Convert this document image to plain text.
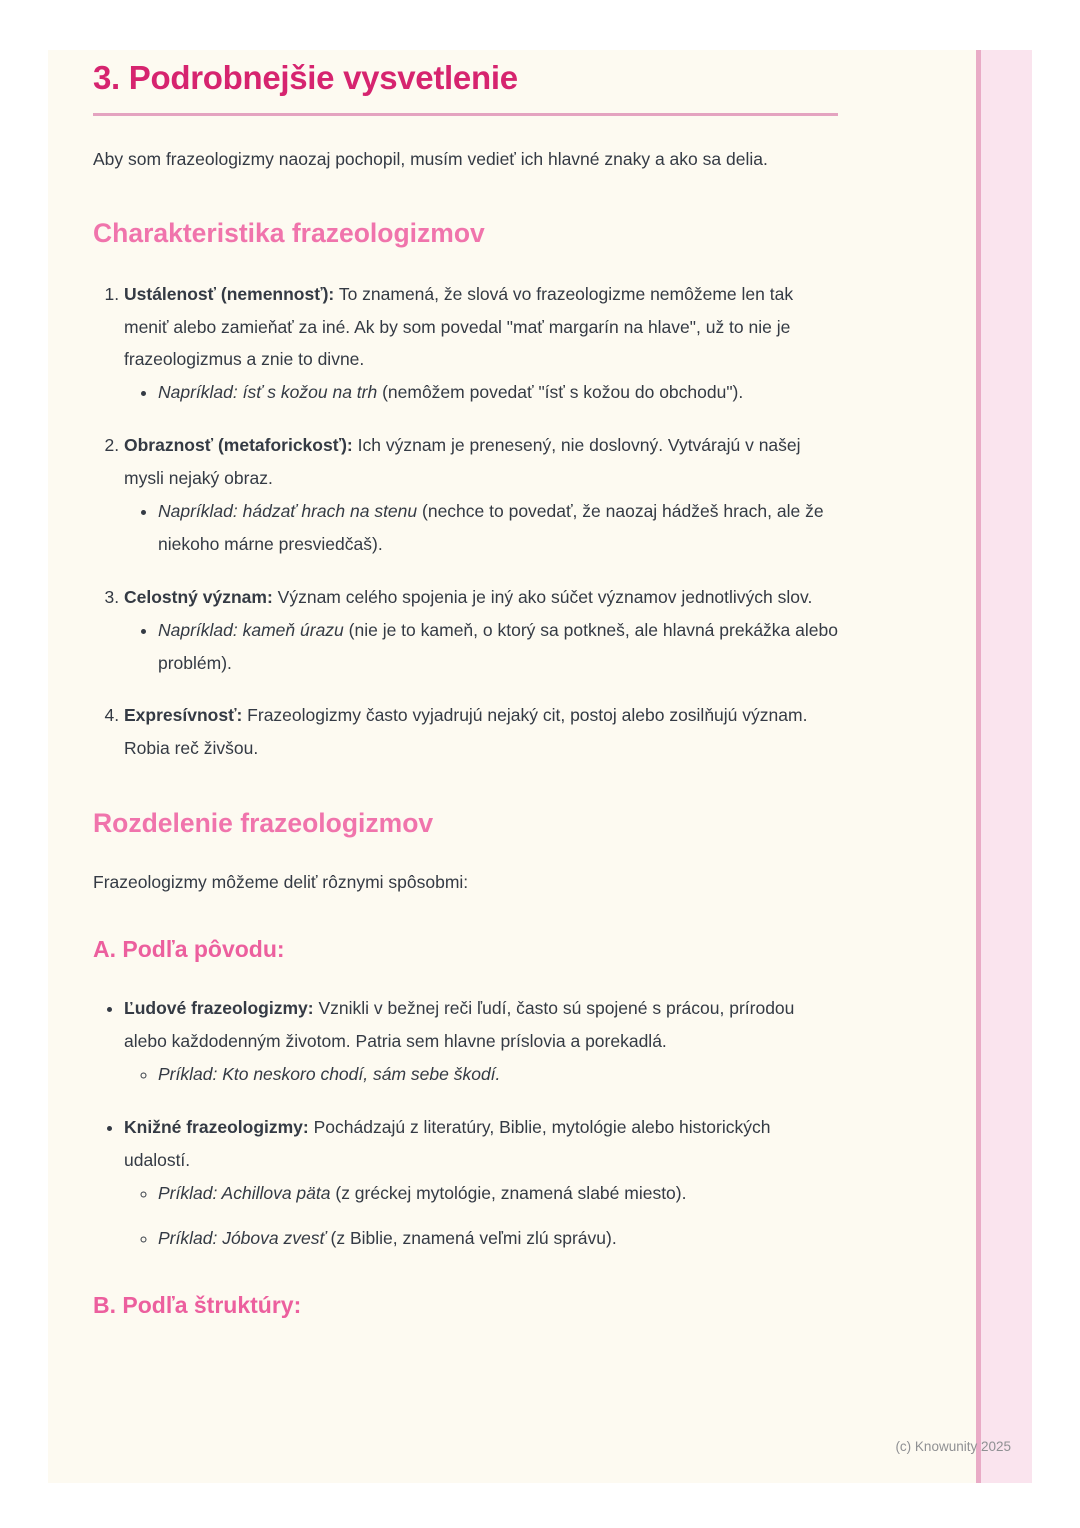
3. Podrobnejšie vysvetlenie

Aby som frazeologizmy naozaj pochopil, musím vedieť ich hlavné znaky a ako sa delia.

Charakteristika frazeologizmov
1. Ustálenosť (nemennosť): To znamená, že slová vo frazeologizme nemôžeme len tak meniť alebo zamieňať za iné. Ak by som povedal "mať margarín na hlave", už to nie je frazeologizmus a znie to divne.
• Napríklad: ísť s kožou na trh (nemôžem povedať "ísť s kožou do obchodu").
2. Obraznosť (metaforickosť): Ich význam je prenesený, nie doslovný. Vytvárajú v našej mysli nejaký obraz.
• Napríklad: hádzať hrach na stenu (nechce to povedať, že naozaj hádžeš hrach, ale že niekoho márne presviedčaš).
3. Celostný význam: Význam celého spojenia je iný ako súčet významov jednotlivých slov.
• Napríklad: kameň úrazu (nie je to kameň, o ktorý sa potkneš, ale hlavná prekážka alebo problém).
4. Expresívnosť: Frazeologizmy často vyjadrujú nejaký cit, postoj alebo zosilňujú význam. Robia reč živšou.
Rozdelenie frazeologizmov

Frazeologizmy môžeme deliť rôznymi spôsobmi:

A. Podľa pôvodu:
• Ľudové frazeologizmy: Vznikli v bežnej reči ľudí, často sú spojené s prácou, prírodou alebo každodenným životom. Patria sem hlavne príslovia a porekadlá.
◦ Príklad: Kto neskoro chodí, sám sebe škodí.
• Knižné frazeologizmy: Pochádzajú z literatúry, Biblie, mytológie alebo historických udalostí.
◦ Príklad: Achillova päta (z gréckej mytológie, znamená slabé miesto).
◦ Príklad: Jóbova zvesť (z Biblie, znamená veľmi zlú správu).
B. Podľa štruktúry:
(c) Knowunity 2025
